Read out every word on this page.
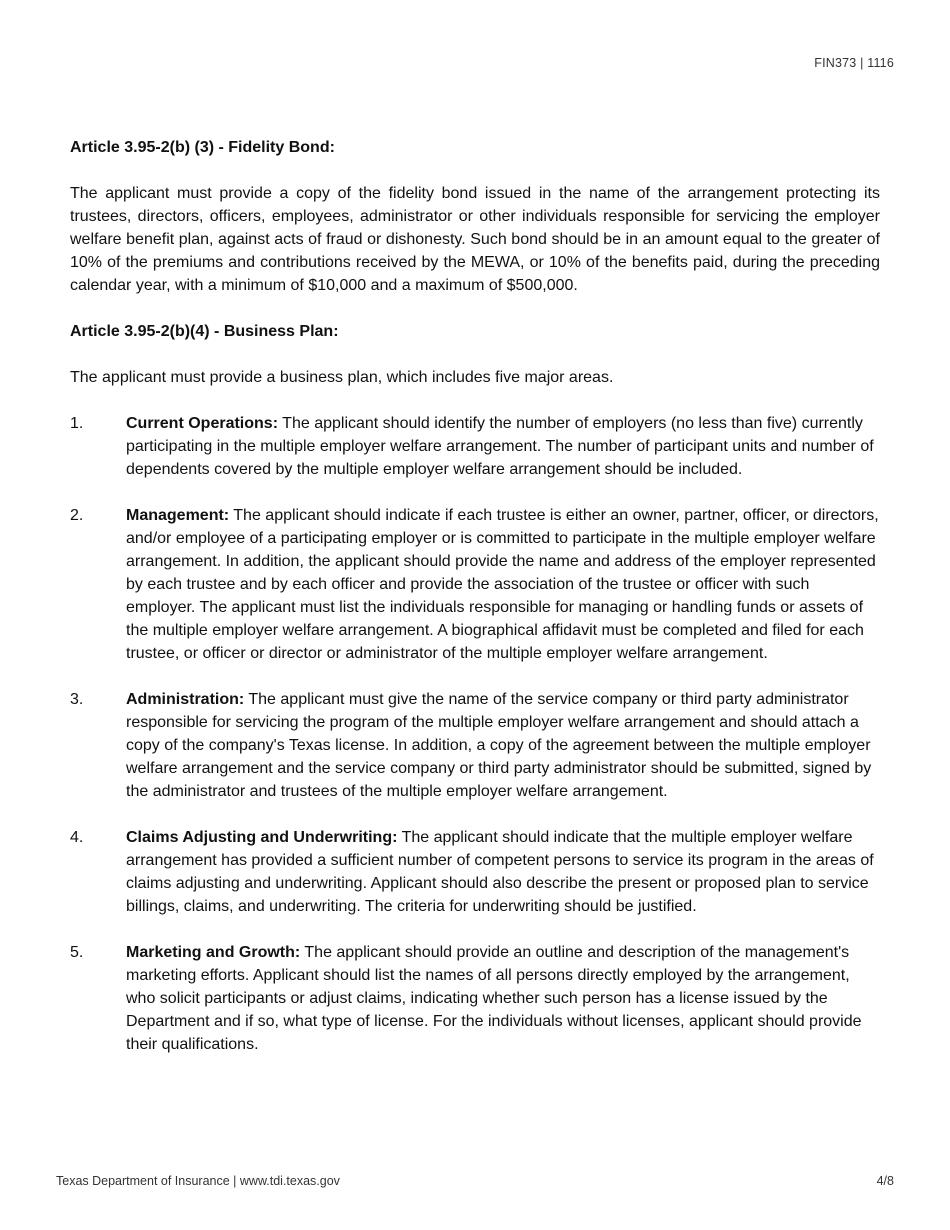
FIN373 | 1116

Article 3.95-2(b) (3) - Fidelity Bond:

The applicant must provide a copy of the fidelity bond issued in the name of the arrangement protecting its trustees, directors, officers, employees, administrator or other individuals responsible for servicing the employer welfare benefit plan, against acts of fraud or dishonesty. Such bond should be in an amount equal to the greater of 10% of the premiums and contributions received by the MEWA, or 10% of the benefits paid, during the preceding calendar year, with a minimum of $10,000 and a maximum of $500,000.

Article 3.95-2(b)(4) - Business Plan:

The applicant must provide a business plan, which includes five major areas.

1.	Current Operations: The applicant should identify the number of employers (no less than five) currently participating in the multiple employer welfare arrangement. The number of participant units and number of dependents covered by the multiple employer welfare arrangement should be included.
2.	Management: The applicant should indicate if each trustee is either an owner, partner, officer, or directors, and/or employee of a participating employer or is committed to participate in the multiple employer welfare arrangement. In addition, the applicant should provide the name and address of the employer represented by each trustee and by each officer and provide the association of the trustee or officer with such employer. The applicant must list the individuals responsible for managing or handling funds or assets of the multiple employer welfare arrangement. A biographical affidavit must be completed and filed for each trustee, or officer or director or administrator of the multiple employer welfare arrangement.
3.	Administration: The applicant must give the name of the service company or third party administrator responsible for servicing the program of the multiple employer welfare arrangement and should attach a copy of the company's Texas license. In addition, a copy of the agreement between the multiple employer welfare arrangement and the service company or third party administrator should be submitted, signed by the administrator and trustees of the multiple employer welfare arrangement.
4.	Claims Adjusting and Underwriting: The applicant should indicate that the multiple employer welfare arrangement has provided a sufficient number of competent persons to service its program in the areas of claims adjusting and underwriting. Applicant should also describe the present or proposed plan to service billings, claims, and underwriting. The criteria for underwriting should be justified.
5.	Marketing and Growth: The applicant should provide an outline and description of the management's marketing efforts. Applicant should list the names of all persons directly employed by the arrangement, who solicit participants or adjust claims, indicating whether such person has a license issued by the Department and if so, what type of license. For the individuals without licenses, applicant should provide their qualifications.
Texas Department of Insurance | www.tdi.texas.gov	4/8
